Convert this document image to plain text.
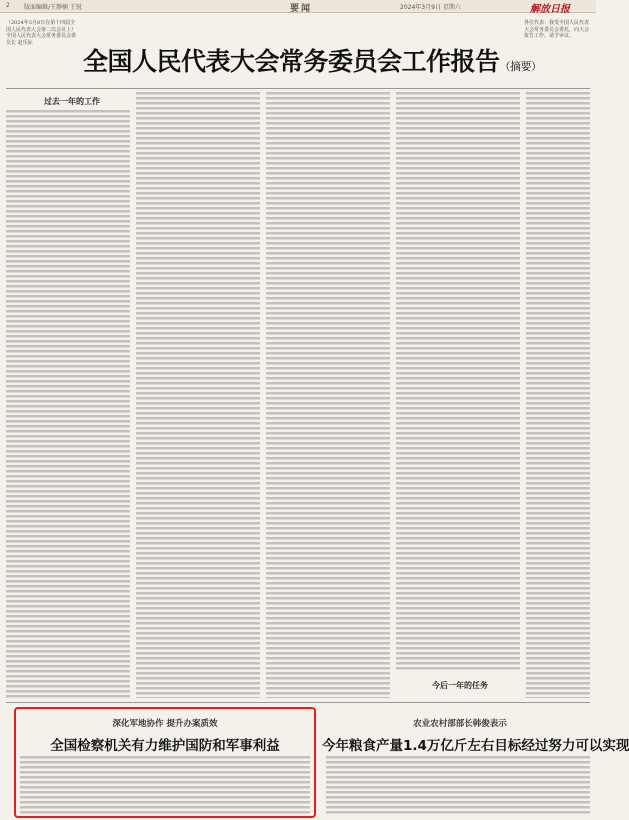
2 版面编辑/王静娴 王锐	要闻	2024年3月9日 星期六	解放日报
（2024年3月8日在第十四届全国人民代表大会第二次会议上）全国人民代表大会常务委员会委员长 赵乐际
全国人民代表大会常务委员会工作报告（摘要）
各位代表：我受全国人民代表大会常务委员会委托，向大会报告工作，请予审议。
过去一年的工作
今后一年的任务
深化军地协作 提升办案质效
全国检察机关有力维护国防和军事利益
农业农村部部长韩俊表示
今年粮食产量1.4万亿斤左右目标经过努力可以实现
